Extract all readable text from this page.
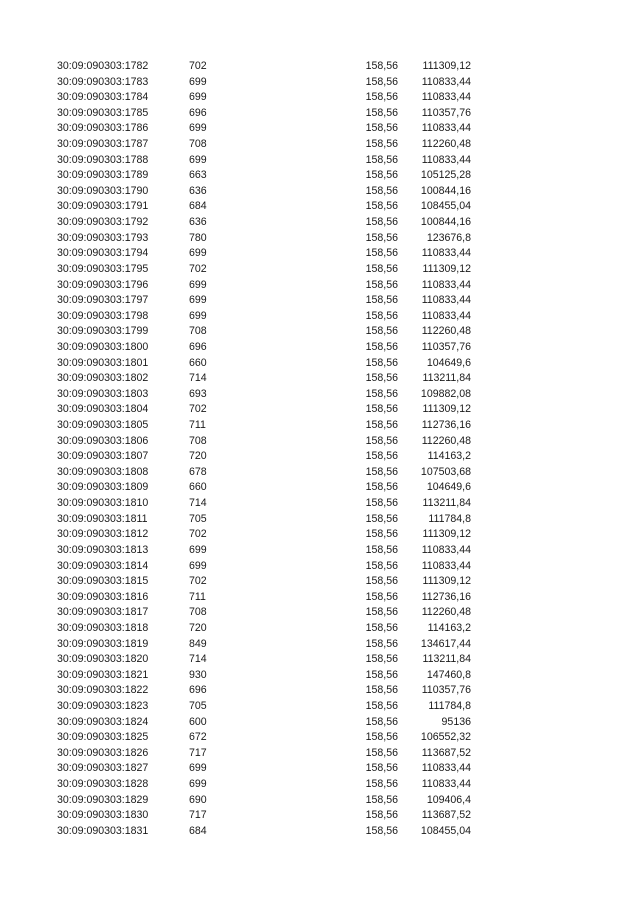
30:09:090303:1782	702	158,56 111309,12
30:09:090303:1783	699	158,56 110833,44
30:09:090303:1784	699	158,56 110833,44
30:09:090303:1785	696	158,56 110357,76
30:09:090303:1786	699	158,56 110833,44
30:09:090303:1787	708	158,56 112260,48
30:09:090303:1788	699	158,56 110833,44
30:09:090303:1789	663	158,56 105125,28
30:09:090303:1790	636	158,56 100844,16
30:09:090303:1791	684	158,56 108455,04
30:09:090303:1792	636	158,56 100844,16
30:09:090303:1793	780	158,56	123676,8
30:09:090303:1794	699	158,56 110833,44
30:09:090303:1795	702	158,56 111309,12
30:09:090303:1796	699	158,56 110833,44
30:09:090303:1797	699	158,56 110833,44
30:09:090303:1798	699	158,56 110833,44
30:09:090303:1799	708	158,56 112260,48
30:09:090303:1800	696	158,56 110357,76
30:09:090303:1801	660	158,56	104649,6
30:09:090303:1802	714	158,56 113211,84
30:09:090303:1803	693	158,56 109882,08
30:09:090303:1804	702	158,56 111309,12
30:09:090303:1805	711	158,56 112736,16
30:09:090303:1806	708	158,56 112260,48
30:09:090303:1807	720	158,56	114163,2
30:09:090303:1808	678	158,56 107503,68
30:09:090303:1809	660	158,56	104649,6
30:09:090303:1810	714	158,56 113211,84
30:09:090303:1811	705	158,56	111784,8
30:09:090303:1812	702	158,56 111309,12
30:09:090303:1813	699	158,56 110833,44
30:09:090303:1814	699	158,56 110833,44
30:09:090303:1815	702	158,56 111309,12
30:09:090303:1816	711	158,56 112736,16
30:09:090303:1817	708	158,56 112260,48
30:09:090303:1818	720	158,56	114163,2
30:09:090303:1819	849	158,56 134617,44
30:09:090303:1820	714	158,56 113211,84
30:09:090303:1821	930	158,56	147460,8
30:09:090303:1822	696	158,56 110357,76
30:09:090303:1823	705	158,56	111784,8
30:09:090303:1824	600	158,56	95136
30:09:090303:1825	672	158,56 106552,32
30:09:090303:1826	717	158,56 113687,52
30:09:090303:1827	699	158,56 110833,44
30:09:090303:1828	699	158,56 110833,44
30:09:090303:1829	690	158,56	109406,4
30:09:090303:1830	717	158,56 113687,52
30:09:090303:1831	684	158,56 108455,04
